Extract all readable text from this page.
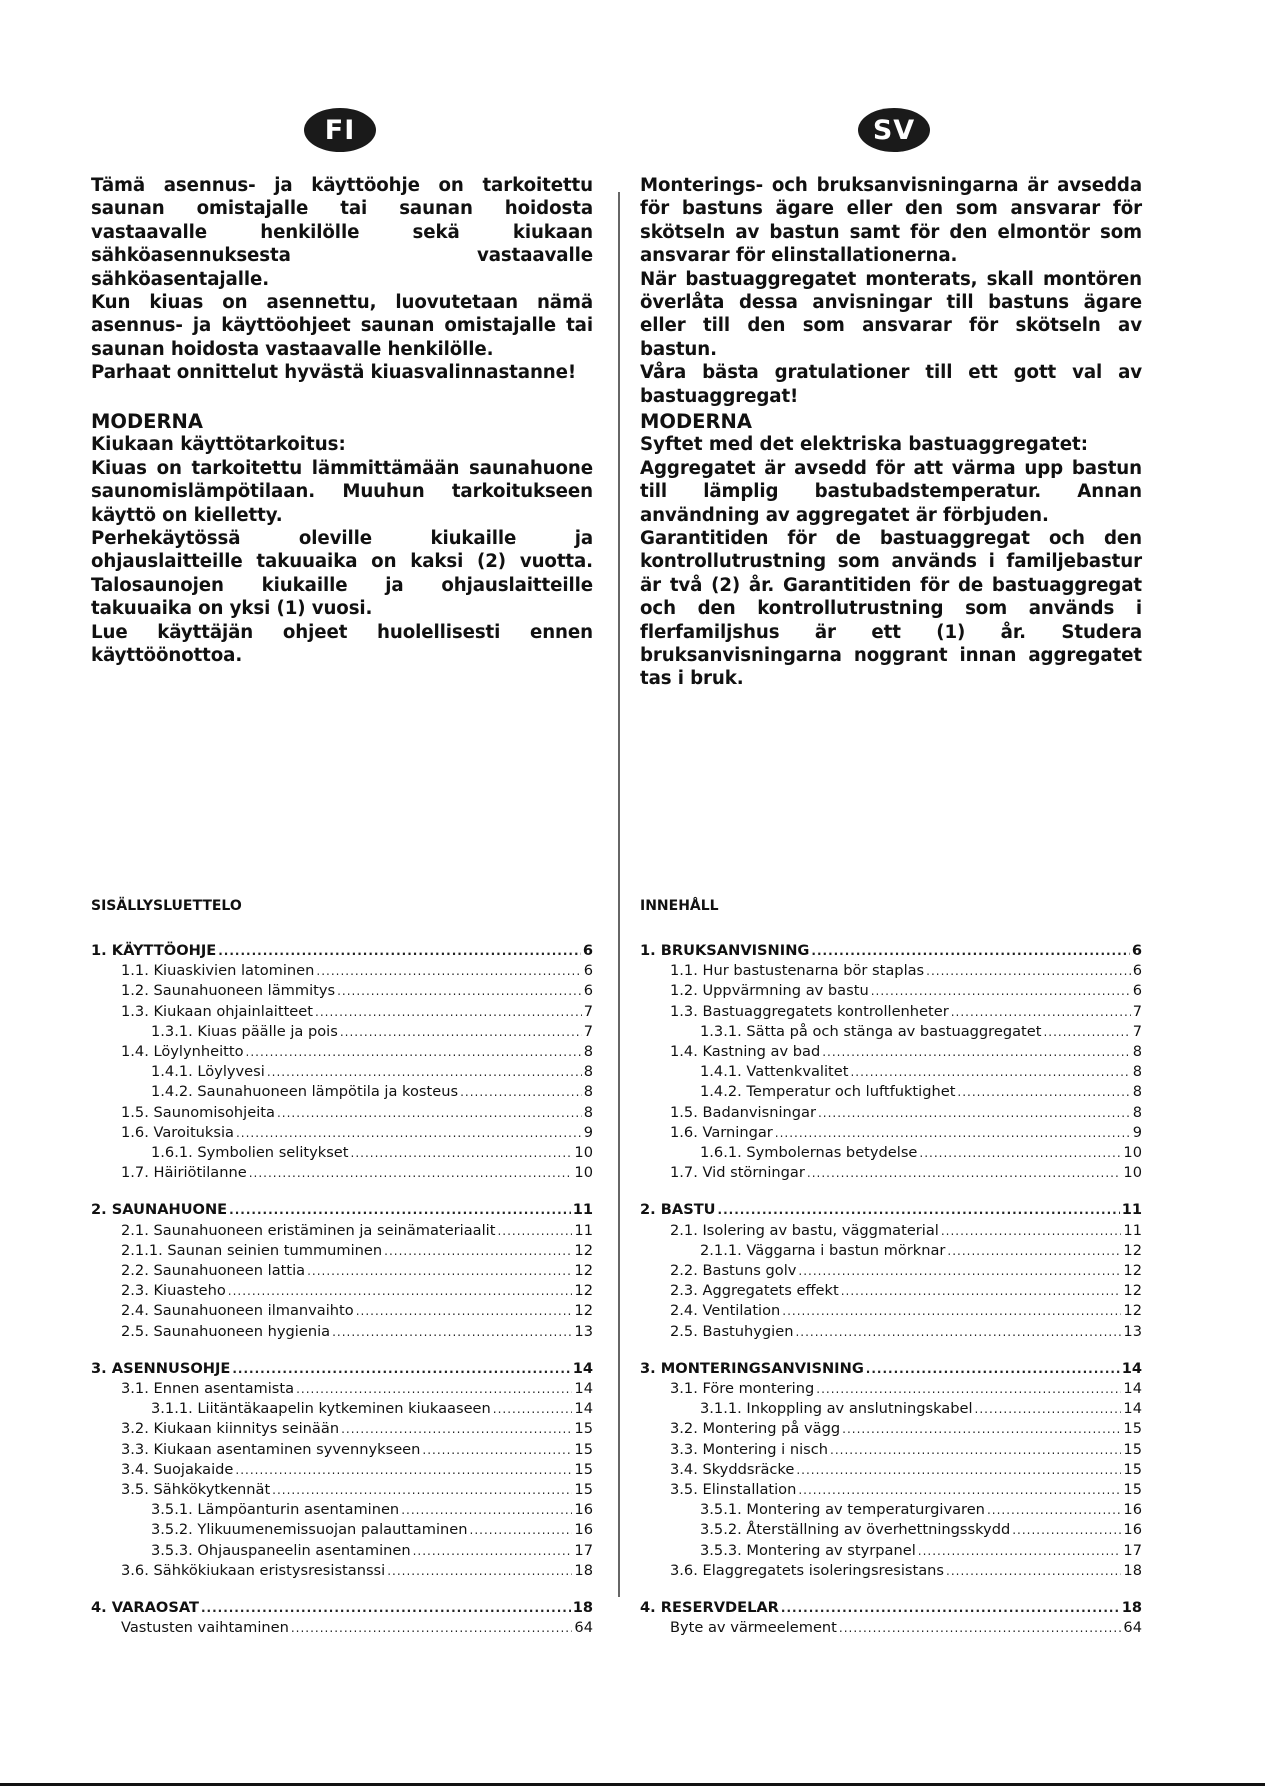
FI	SV

Tämä asennus- ja käyttöohje on tarkoitettu saunan omistajalle tai saunan hoidosta vastaavalle henkilölle sekä kiukaan sähköasennuksesta vastaavalle sähköasentajalle.

Kun kiuas on asennettu, luovutetaan nämä asennus- ja käyttöohjeet saunan omistajalle tai saunan hoidosta vastaavalle henkilölle.

Parhaat onnittelut hyvästä kiuasvalinnastanne!

MODERNA
Kiukaan käyttötarkoitus:

Kiuas on tarkoitettu lämmittämään saunahuone saunomislämpötilaan. Muuhun tarkoitukseen käyttö on kielletty.

Perhekäytössä oleville kiukaille ja ohjauslaitteille takuuaika on kaksi (2) vuotta. Talosaunojen kiukaille ja ohjauslaitteille takuuaika on yksi (1) vuosi.

Lue käyttäjän ohjeet huolellisesti ennen käyttöönottoa.

SISÄLLYSLUETTELO
1. KÄYTTÖOHJE .....	6
1.1. Kiuaskivien latominen .....	6
1.2. Saunahuoneen lämmitys .....	6
1.3. Kiukaan ohjainlaitteet .....	7
1.3.1. Kiuas päälle ja pois .....	7
1.4. Löylynheitto .....	8
1.4.1. Löylyvesi .....	8
1.4.2. Saunahuoneen lämpötila ja kosteus .....	8
1.5. Saunomisohjeita .....	8
1.6. Varoituksia .....	9
1.6.1. Symbolien selitykset .....	10
1.7. Häiriötilanne .....	10
2. SAUNAHUONE .....	11
2.1. Saunahuoneen eristäminen ja seinämateriaalit .....	11
2.1.1. Saunan seinien tummuminen .....	12
2.2. Saunahuoneen lattia .....	12
2.3. Kiuasteho .....	12
2.4. Saunahuoneen ilmanvaihto .....	12
2.5. Saunahuoneen hygienia .....	13
3. ASENNUSOHJE .....	14
3.1. Ennen asentamista .....	14
3.1.1. Liitäntäkaapelin kytkeminen kiukaaseen .....	14
3.2. Kiukaan kiinnitys seinään .....	15
3.3. Kiukaan asentaminen syvennykseen .....	15
3.4. Suojakaide .....	15
3.5. Sähkökytkennät .....	15
3.5.1. Lämpöanturin asentaminen .....	16
3.5.2. Ylikuumenemissuojan palauttaminen .....	16
3.5.3. Ohjauspaneelin asentaminen .....	17
3.6. Sähkökiukaan eristysresistanssi .....	18
4. VARAOSAT .....	18
Vastusten vaihtaminen .....	64

Monterings- och bruksanvisningarna är avsedda för bastuns ägare eller den som ansvarar för skötseln av bastun samt för den elmontör som ansvarar för elinstallationerna.

När bastuaggregatet monterats, skall montören överlåta dessa anvisningar till bastuns ägare eller till den som ansvarar för skötseln av bastun.

Våra bästa gratulationer till ett gott val av bastuaggregat!

MODERNA
Syftet med det elektriska bastuaggregatet:

Aggregatet är avsedd för att värma upp bastun till lämplig bastubadstemperatur. Annan användning av aggregatet är förbjuden.

Garantitiden för de bastuaggregat och den kontrollutrustning som används i familjebastur är två (2) år. Garantitiden för de bastuaggregat och den kontrollutrustning som används i flerfamiljshus är ett (1) år. Studera bruksanvisningarna noggrant innan aggregatet tas i bruk.

INNEHÅLL
1. BRUKSANVISNING .....	6
1.1. Hur bastustenarna bör staplas .....	6
1.2. Uppvärmning av bastu .....	6
1.3. Bastuaggregatets kontrollenheter .....	7
1.3.1. Sätta på och stänga av bastuaggregatet .....	7
1.4. Kastning av bad .....	8
1.4.1. Vattenkvalitet .....	8
1.4.2. Temperatur och luftfuktighet .....	8
1.5. Badanvisningar .....	8
1.6. Varningar .....	9
1.6.1. Symbolernas betydelse .....	10
1.7. Vid störningar .....	10
2. BASTU .....	11
2.1. Isolering av bastu, väggmaterial .....	11
2.1.1. Väggarna i bastun mörknar .....	12
2.2. Bastuns golv .....	12
2.3. Aggregatets effekt .....	12
2.4. Ventilation .....	12
2.5. Bastuhygien .....	13
3. MONTERINGSANVISNING .....	14
3.1. Före montering .....	14
3.1.1. Inkoppling av anslutningskabel .....	14
3.2. Montering på vägg .....	15
3.3. Montering i nisch .....	15
3.4. Skyddsräcke .....	15
3.5. Elinstallation .....	15
3.5.1. Montering av temperaturgivaren .....	16
3.5.2. Återställning av överhettningsskydd .....	16
3.5.3. Montering av styrpanel .....	17
3.6. Elaggregatets isoleringsresistans .....	18
4. RESERVDELAR .....	18
Byte av värmeelement .....	64
